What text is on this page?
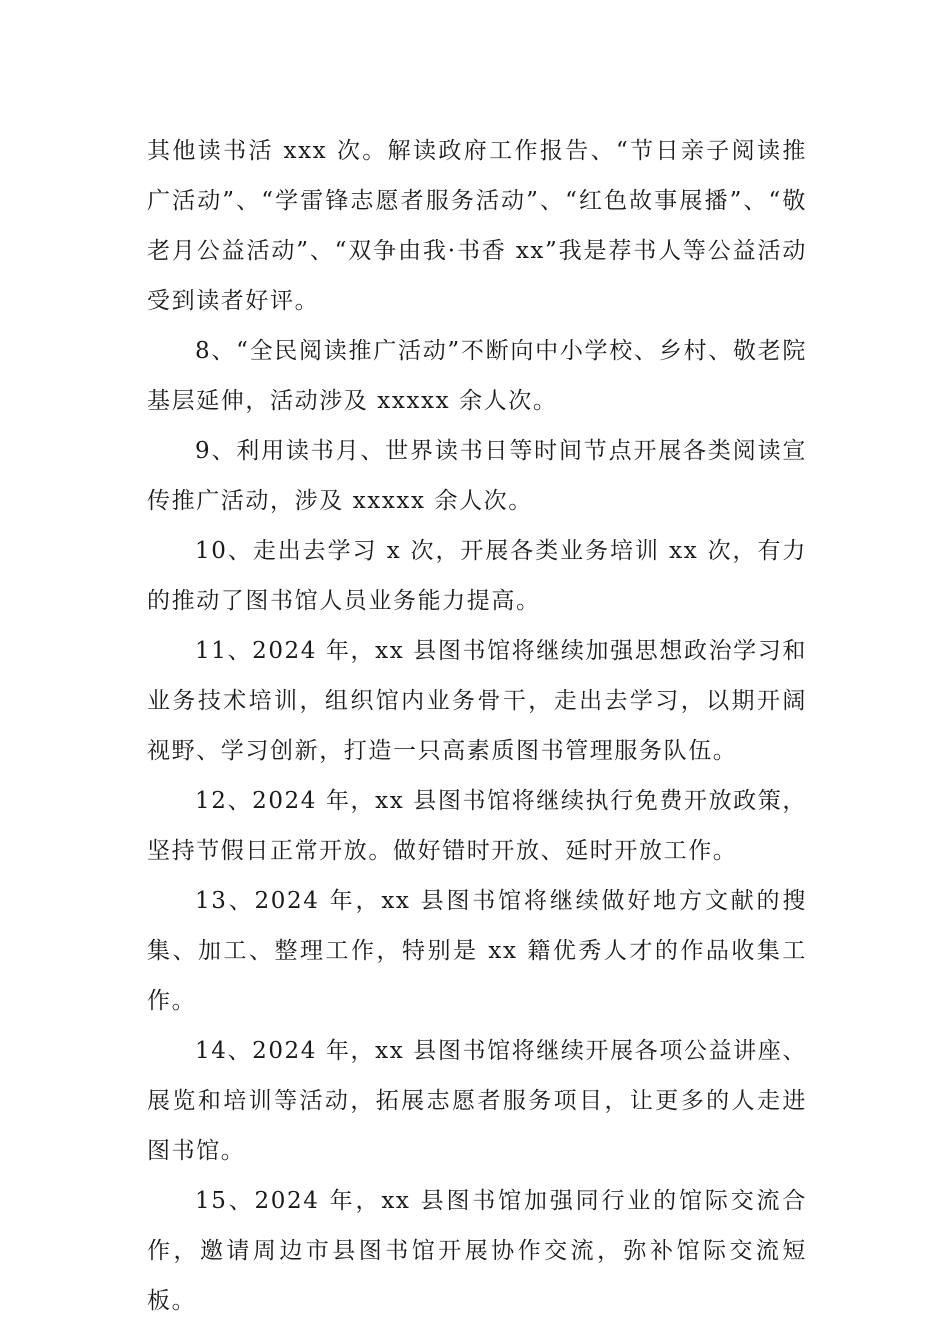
其他读书活 xxx 次。解读政府工作报告、“节日亲子阅读推广活动”、“学雷锋志愿者服务活动”、“红色故事展播”、“敬老月公益活动”、“双争由我·书香 xx”我是荐书人等公益活动受到读者好评。

8、“全民阅读推广活动”不断向中小学校、乡村、敬老院基层延伸，活动涉及 xxxxx 余人次。

9、利用读书月、世界读书日等时间节点开展各类阅读宣传推广活动，涉及 xxxxx 余人次。

10、走出去学习 x 次，开展各类业务培训 xx 次，有力的推动了图书馆人员业务能力提高。

11、2024 年，xx 县图书馆将继续加强思想政治学习和业务技术培训，组织馆内业务骨干，走出去学习，以期开阔视野、学习创新，打造一只高素质图书管理服务队伍。

12、2024 年，xx 县图书馆将继续执行免费开放政策，坚持节假日正常开放。做好错时开放、延时开放工作。

13、2024 年，xx 县图书馆将继续做好地方文献的搜集、加工、整理工作，特别是 xx 籍优秀人才的作品收集工作。

14、2024 年，xx 县图书馆将继续开展各项公益讲座、展览和培训等活动，拓展志愿者服务项目，让更多的人走进图书馆。

15、2024 年，xx 县图书馆加强同行业的馆际交流合作，邀请周边市县图书馆开展协作交流，弥补馆际交流短板。
